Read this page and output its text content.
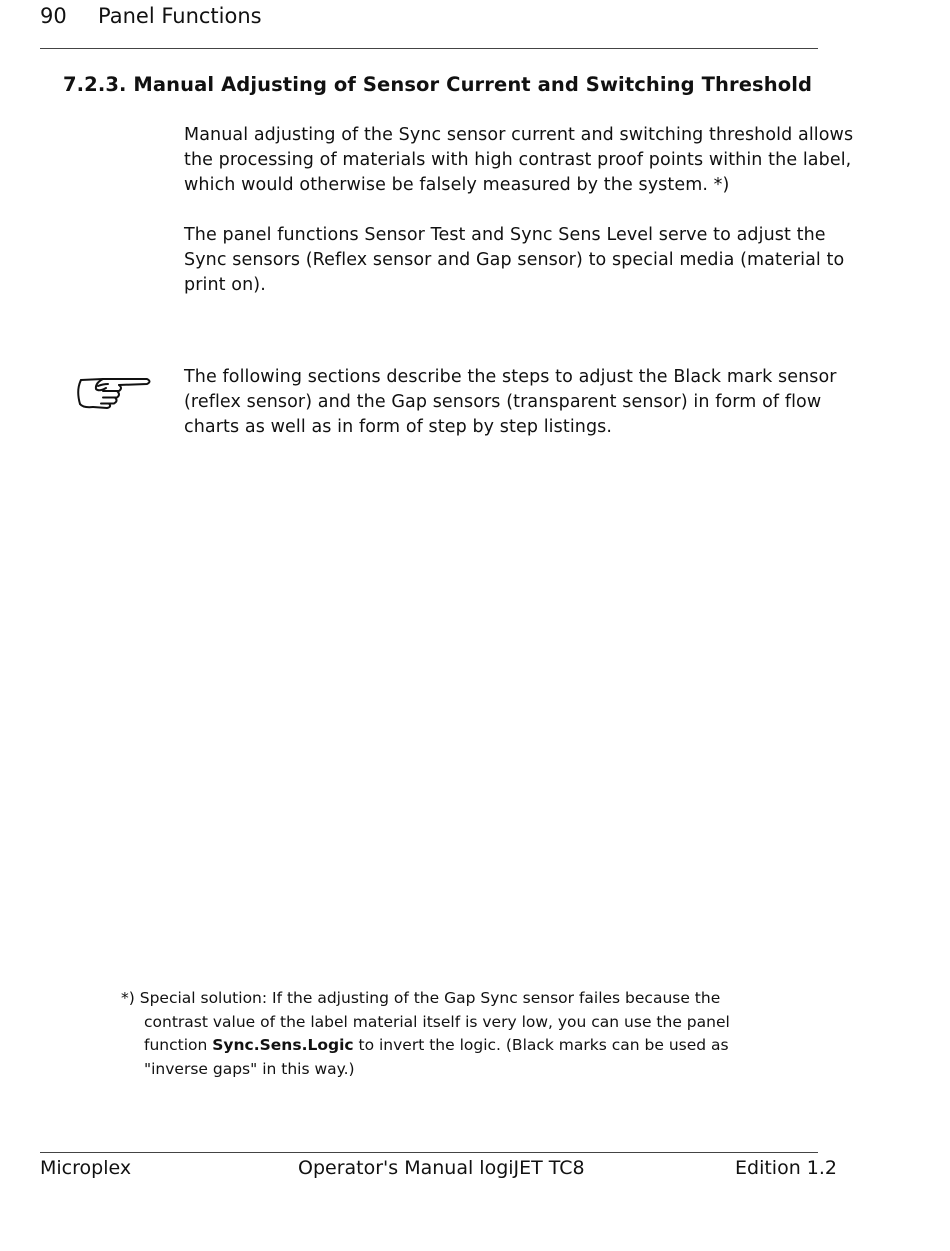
90 Panel Functions
7.2.3. Manual Adjusting of Sensor Current and Switching Threshold
Manual adjusting of the Sync sensor current and switching threshold allows
the processing of materials with high contrast proof points within the label,
which would otherwise be falsely measured by the system. *)
The panel functions Sensor Test and Sync Sens Level serve to adjust the
Sync sensors (Reflex sensor and Gap sensor) to special media (material to
print on).
The following sections describe the steps to adjust the Black mark sensor
(reflex sensor) and the Gap sensors (transparent sensor) in form of flow
charts as well as in form of step by step listings.
*) Special solution: If the adjusting of the Gap Sync sensor failes because the
contrast value of the label material itself is very low, you can use the panel
function Sync.Sens.Logic to invert the logic. (Black marks can be used as
"inverse gaps" in this way.)
Microplex	Operator's Manual logiJET TC8	Edition 1.2
